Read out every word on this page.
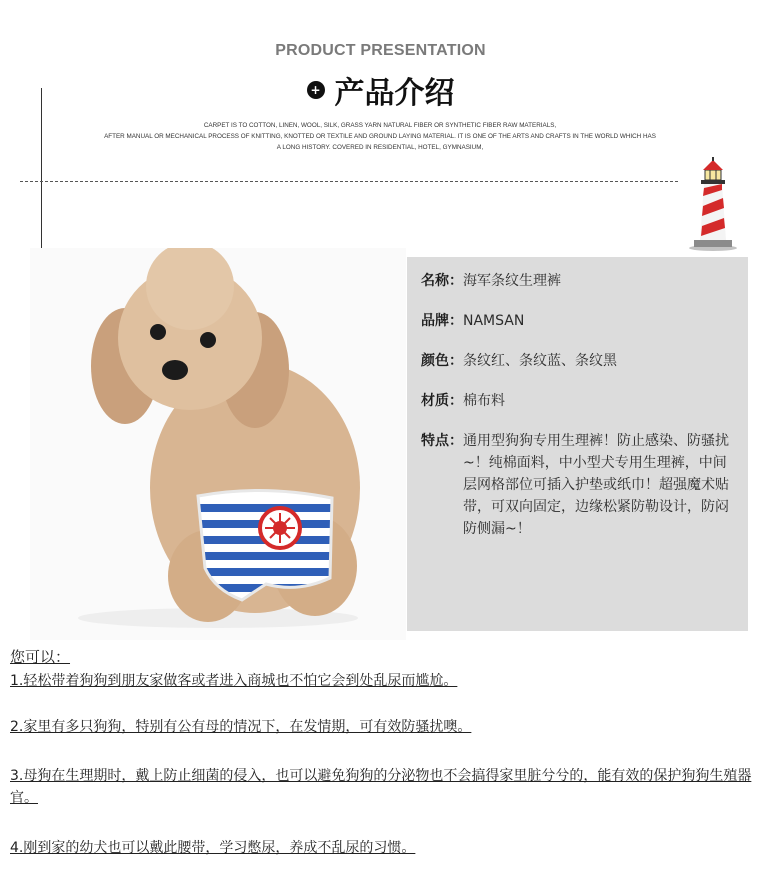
PRODUCT PRESENTATION
+ 产品介绍
CARPET IS TO COTTON, LINEN, WOOL, SILK, GRASS YARN NATURAL FIBER OR SYNTHETIC FIBER RAW MATERIALS,
AFTER MANUAL OR MECHANICAL PROCESS OF KNITTING, KNOTTED OR TEXTILE AND GROUND LAYING MATERIAL. IT IS ONE OF THE ARTS AND CRAFTS IN THE WORLD WHICH HAS
A LONG HISTORY. COVERED IN RESIDENTIAL, HOTEL, GYMNASIUM,
名称： 海军条纹生理裤
品牌： NAMSAN
颜色： 条纹红、条纹蓝、条纹黑
材质： 棉布料
特点： 通用型狗狗专用生理裤！防止感染、防骚扰~！纯棉面料，中小型犬专用生理裤，中间层网格部位可插入护垫或纸巾！超强魔术贴带，可双向固定，边缘松紧防勒设计，防闷防侧漏~！
您可以：
1.轻松带着狗狗到朋友家做客或者进入商城也不怕它会到处乱尿而尴尬。
2.家里有多只狗狗，特别有公有母的情况下，在发情期，可有效防骚扰噢。
3.母狗在生理期时，戴上防止细菌的侵入，也可以避免狗狗的分泌物也不会搞得家里脏兮兮的，能有效的保护狗狗生殖器官。
4.刚到家的幼犬也可以戴此腰带，学习憋尿，养成不乱尿的习惯。
